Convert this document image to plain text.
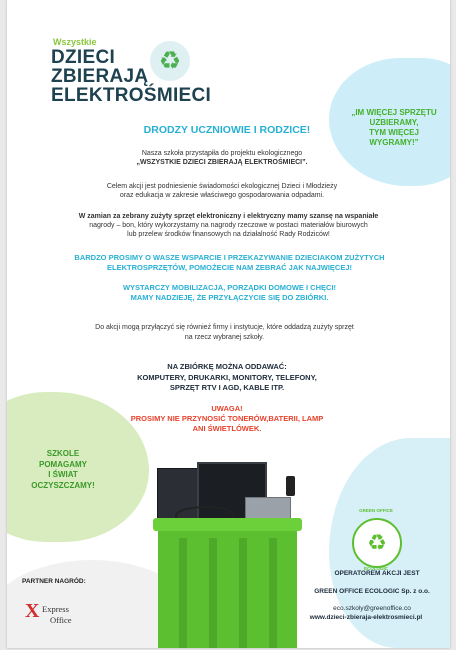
Wszystkie
DZIECI
ZBIERAJĄ
ELEKTROŚMIECI
♻
„IM WIĘCEJ SPRZĘTU
UZBIERAMY,
TYM WIĘCEJ
WYGRAMY!”
DRODZY UCZNIOWIE I RODZICE!
Nasza szkoła przystąpiła do projektu ekologicznego
„WSZYSTKIE DZIECI ZBIERAJĄ ELEKTROŚMIECI”.
Celem akcji jest podniesienie świadomości ekologicznej Dzieci i Młodzieży
oraz edukacja w zakresie właściwego gospodarowania odpadami.
W zamian za zebrany zużyty sprzęt elektroniczny i elektryczny mamy szansę na wspaniałe
nagrody – bon, który wykorzystamy na nagrody rzeczowe w postaci materiałów biurowych
lub przelew środków finansowych na działalność Rady Rodziców!
BARDZO PROSIMY O WASZE WSPARCIE I PRZEKAZYWANIE DZIECIAKOM ZUŻYTYCH
ELEKTROSPRZĘTÓW, POMOŻECIE NAM ZEBRAĆ JAK NAJWIĘCEJ!
WYSTARCZY MOBILIZACJA, PORZĄDKI DOMOWE I CHĘCI!
MAMY NADZIEJĘ, ŻE PRZYŁĄCZYCIE SIĘ DO ZBIÓRKI.
Do akcji mogą przyłączyć się również firmy i instytucje, które oddadzą zużyty sprzęt
na rzecz wybranej szkoły.
NA ZBIÓRKĘ MOŻNA ODDAWAĆ:
KOMPUTERY, DRUKARKI, MONITORY, TELEFONY,
SPRZĘT RTV I AGD, KABLE ITP.
UWAGA!
PROSIMY NIE PRZYNOSIĆ TONERÓW,BATERII, LAMP
ANI ŚWIETLÓWEK.
SZKOLE
POMAGAMY
I ŚWIAT
OCZYSZCZAMY!
PARTNER NAGRÓD:
X Express
Office
GREEN OFFICE
♻
ECOLOGIC
OPERATOREM AKCJI JEST
GREEN OFFICE ECOLOGIC Sp. z o.o.
eco.szkoly@greenoffice.co
www.dzieci-zbieraja-elektrosmieci.pl
